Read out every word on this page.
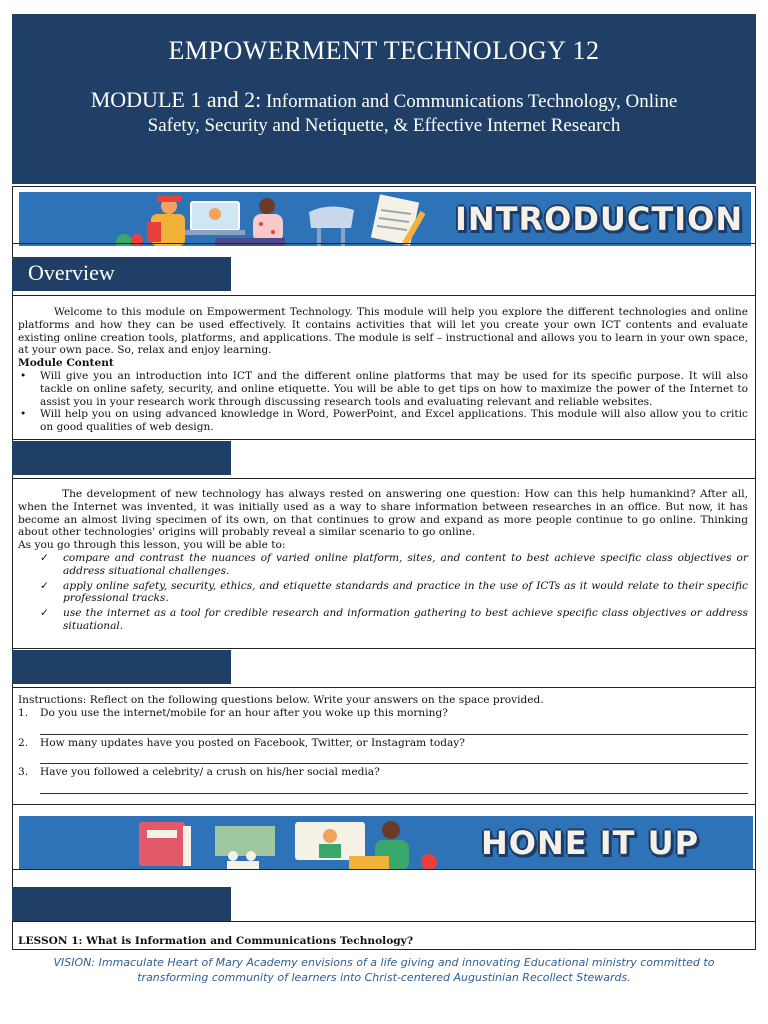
EMPOWERMENT TECHNOLOGY 12
MODULE 1 and 2: Information and Communications Technology, Online
Safety, Security and Netiquette, & Effective Internet Research
INTRODUCTION
Overview
Welcome to this module on Empowerment Technology. This module will help you explore the different technologies and online platforms and how they can be used effectively. It contains activities that will let you create your own ICT contents and evaluate existing online creation tools, platforms, and applications. The module is self – instructional and allows you to learn in your own space, at your own pace. So, relax and enjoy learning.
Module Content
• Will give you an introduction into ICT and the different online platforms that may be used for its specific purpose. It will also tackle on online safety, security, and online etiquette. You will be able to get tips on how to maximize the power of the Internet to assist you in your research work through discussing research tools and evaluating relevant and reliable websites.
• Will help you on using advanced knowledge in Word, PowerPoint, and Excel applications. This module will also allow you to critic on good qualities of web design.
The development of new technology has always rested on answering one question: How can this help humankind? After all, when the Internet was invented, it was initially used as a way to share information between researches in an office. But now, it has become an almost living specimen of its own, on that continues to grow and expand as more people continue to go online. Thinking about other technologies' origins will probably reveal a similar scenario to go online.
As you go through this lesson, you will be able to:
✓ compare and contrast the nuances of varied online platform, sites, and content to best achieve specific class objectives or address situational challenges.
✓ apply online safety, security, ethics, and etiquette standards and practice in the use of ICTs as it would relate to their specific professional tracks.
✓ use the internet as a tool for credible research and information gathering to best achieve specific class objectives or address situational.
Instructions: Reflect on the following questions below. Write your answers on the space provided.
1. Do you use the internet/mobile for an hour after you woke up this morning?
2. How many updates have you posted on Facebook, Twitter, or Instagram today?
3. Have you followed a celebrity/ a crush on his/her social media?
HONE IT UP
LESSON 1: What is Information and Communications Technology?
VISION: Immaculate Heart of Mary Academy envisions of a life giving and innovating Educational ministry committed to
transforming community of learners into Christ-centered Augustinian Recollect Stewards.
